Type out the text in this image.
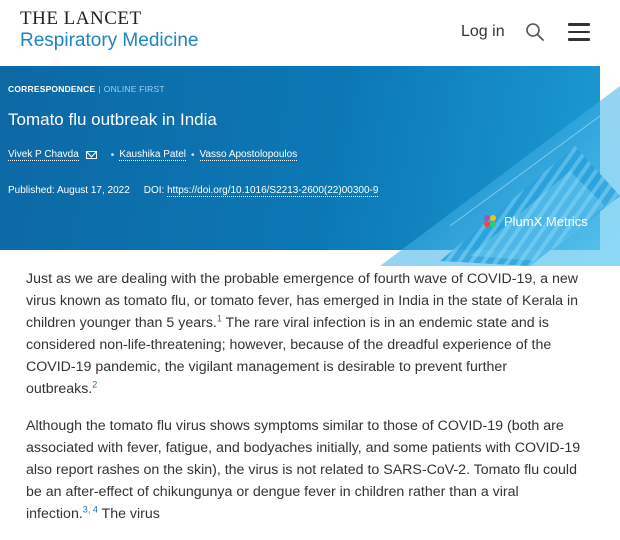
THE LANCET
Respiratory Medicine	Log in
CORRESPONDENCE | ONLINE FIRST
Tomato flu outbreak in India
Vivek P Chavda	• Kaushika Patel • Vasso Apostolopoulos
Published: August 17, 2022 DOI: https://doi.org/10.1016/S2213-2600(22)00300-9
PlumX Metrics

Just as we are dealing with the probable emergence of fourth wave of COVID-19, a new virus known as tomato flu, or tomato fever, has emerged in India in the state of Kerala in children younger than 5 years.$^1$ The rare viral infection is in an endemic state and is considered non-life-threatening; however, because of the dreadful experience of the COVID-19 pandemic, the vigilant management is desirable to prevent further outbreaks.$^2$

Although the tomato flu virus shows symptoms similar to those of COVID-19 (both are associated with fever, fatigue, and bodyaches initially, and some patients with COVID-19 also report rashes on the skin), the virus is not related to SARS-CoV-2. Tomato flu could be an after-effect of chikungunya or dengue fever in children rather than a viral infection.$^{3,}$ $^4$ The virus
